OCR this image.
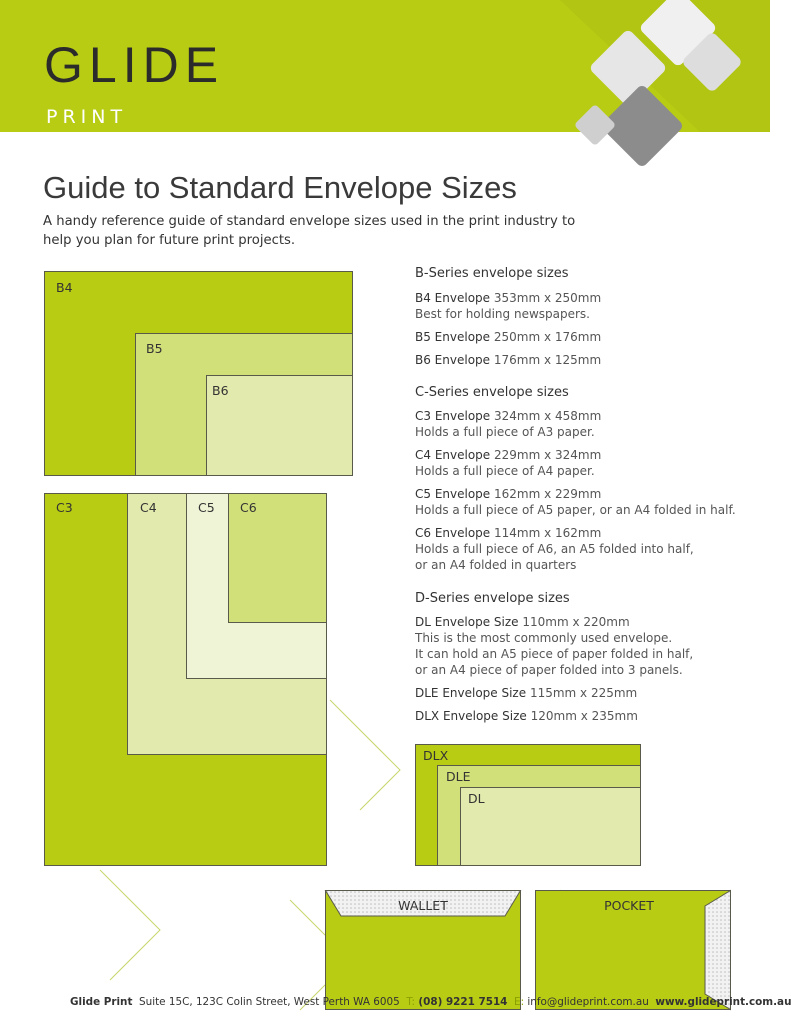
GLIDE
PRINT
Guide to Standard Envelope Sizes
A handy reference guide of standard envelope sizes used in the print industry to help you plan for future print projects.
B4
B5
B6
C3	C4	C5 C6
DLX
DLE
DL
WALLET	POCKET
B-Series envelope sizes
B4 Envelope 353mm x 250mm
Best for holding newspapers.
B5 Envelope 250mm x 176mm
B6 Envelope 176mm x 125mm
C-Series envelope sizes
C3 Envelope 324mm x 458mm
Holds a full piece of A3 paper.
C4 Envelope 229mm x 324mm
Holds a full piece of A4 paper.
C5 Envelope 162mm x 229mm
Holds a full piece of A5 paper, or an A4 folded in half.
C6 Envelope 114mm x 162mm
Holds a full piece of A6, an A5 folded into half,
or an A4 folded in quarters
D-Series envelope sizes
DL Envelope Size 110mm x 220mm
This is the most commonly used envelope.
It can hold an A5 piece of paper folded in half,
or an A4 piece of paper folded into 3 panels.
DLE Envelope Size 115mm x 225mm
DLX Envelope Size 120mm x 235mm
Glide Print Suite 15C, 123C Colin Street, West Perth WA 6005 T: (08) 9221 7514 E: info@glideprint.com.au www.glideprint.com.au
